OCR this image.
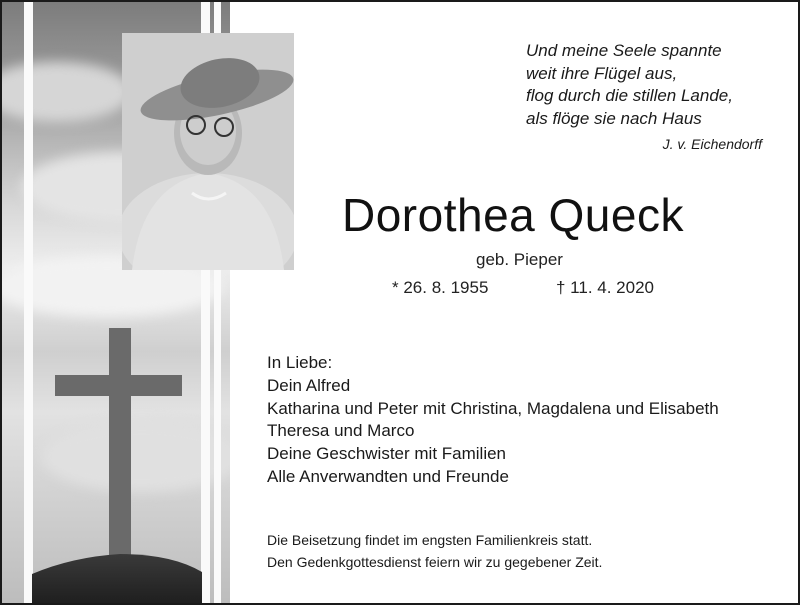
Und meine Seele spannte
weit ihre Flügel aus,
flog durch die stillen Lande,
als flöge sie nach Haus
J. v. Eichendorff
Dorothea Queck
geb. Pieper
* 26. 8. 1955	† 11. 4. 2020
In Liebe:
Dein Alfred
Katharina und Peter mit Christina, Magdalena und Elisabeth
Theresa und Marco
Deine Geschwister mit Familien
Alle Anverwandten und Freunde
Die Beisetzung findet im engsten Familienkreis statt.
Den Gedenkgottesdienst feiern wir zu gegebener Zeit.
